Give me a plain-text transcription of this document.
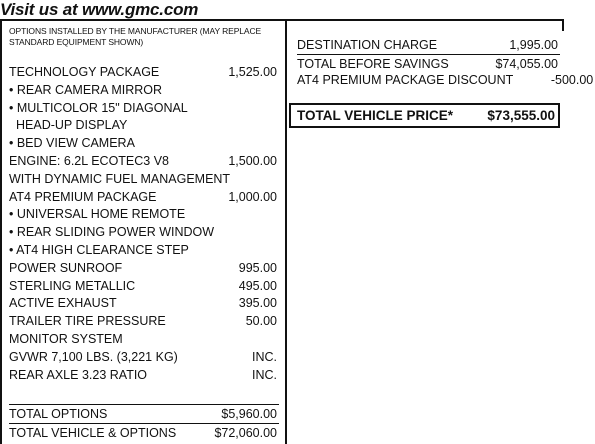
Visit us at www.gmc.com
OPTIONS INSTALLED BY THE MANUFACTURER (MAY REPLACE STANDARD EQUIPMENT SHOWN)
TECHNOLOGY PACKAGE	1,525.00
• REAR CAMERA MIRROR
• MULTICOLOR 15" DIAGONAL
HEAD-UP DISPLAY
• BED VIEW CAMERA
ENGINE: 6.2L ECOTEC3 V8	1,500.00
WITH DYNAMIC FUEL MANAGEMENT
AT4 PREMIUM PACKAGE	1,000.00
• UNIVERSAL HOME REMOTE
• REAR SLIDING POWER WINDOW
• AT4 HIGH CLEARANCE STEP
POWER SUNROOF	995.00
STERLING METALLIC	495.00
ACTIVE EXHAUST	395.00
TRAILER TIRE PRESSURE	50.00
MONITOR SYSTEM
GVWR 7,100 LBS. (3,221 KG)	INC.
REAR AXLE 3.23 RATIO	INC.
TOTAL OPTIONS	$5,960.00
TOTAL VEHICLE & OPTIONS	$72,060.00
DESTINATION CHARGE	1,995.00
TOTAL BEFORE SAVINGS	$74,055.00
AT4 PREMIUM PACKAGE DISCOUNT	-500.00
TOTAL VEHICLE PRICE*	$73,555.00
